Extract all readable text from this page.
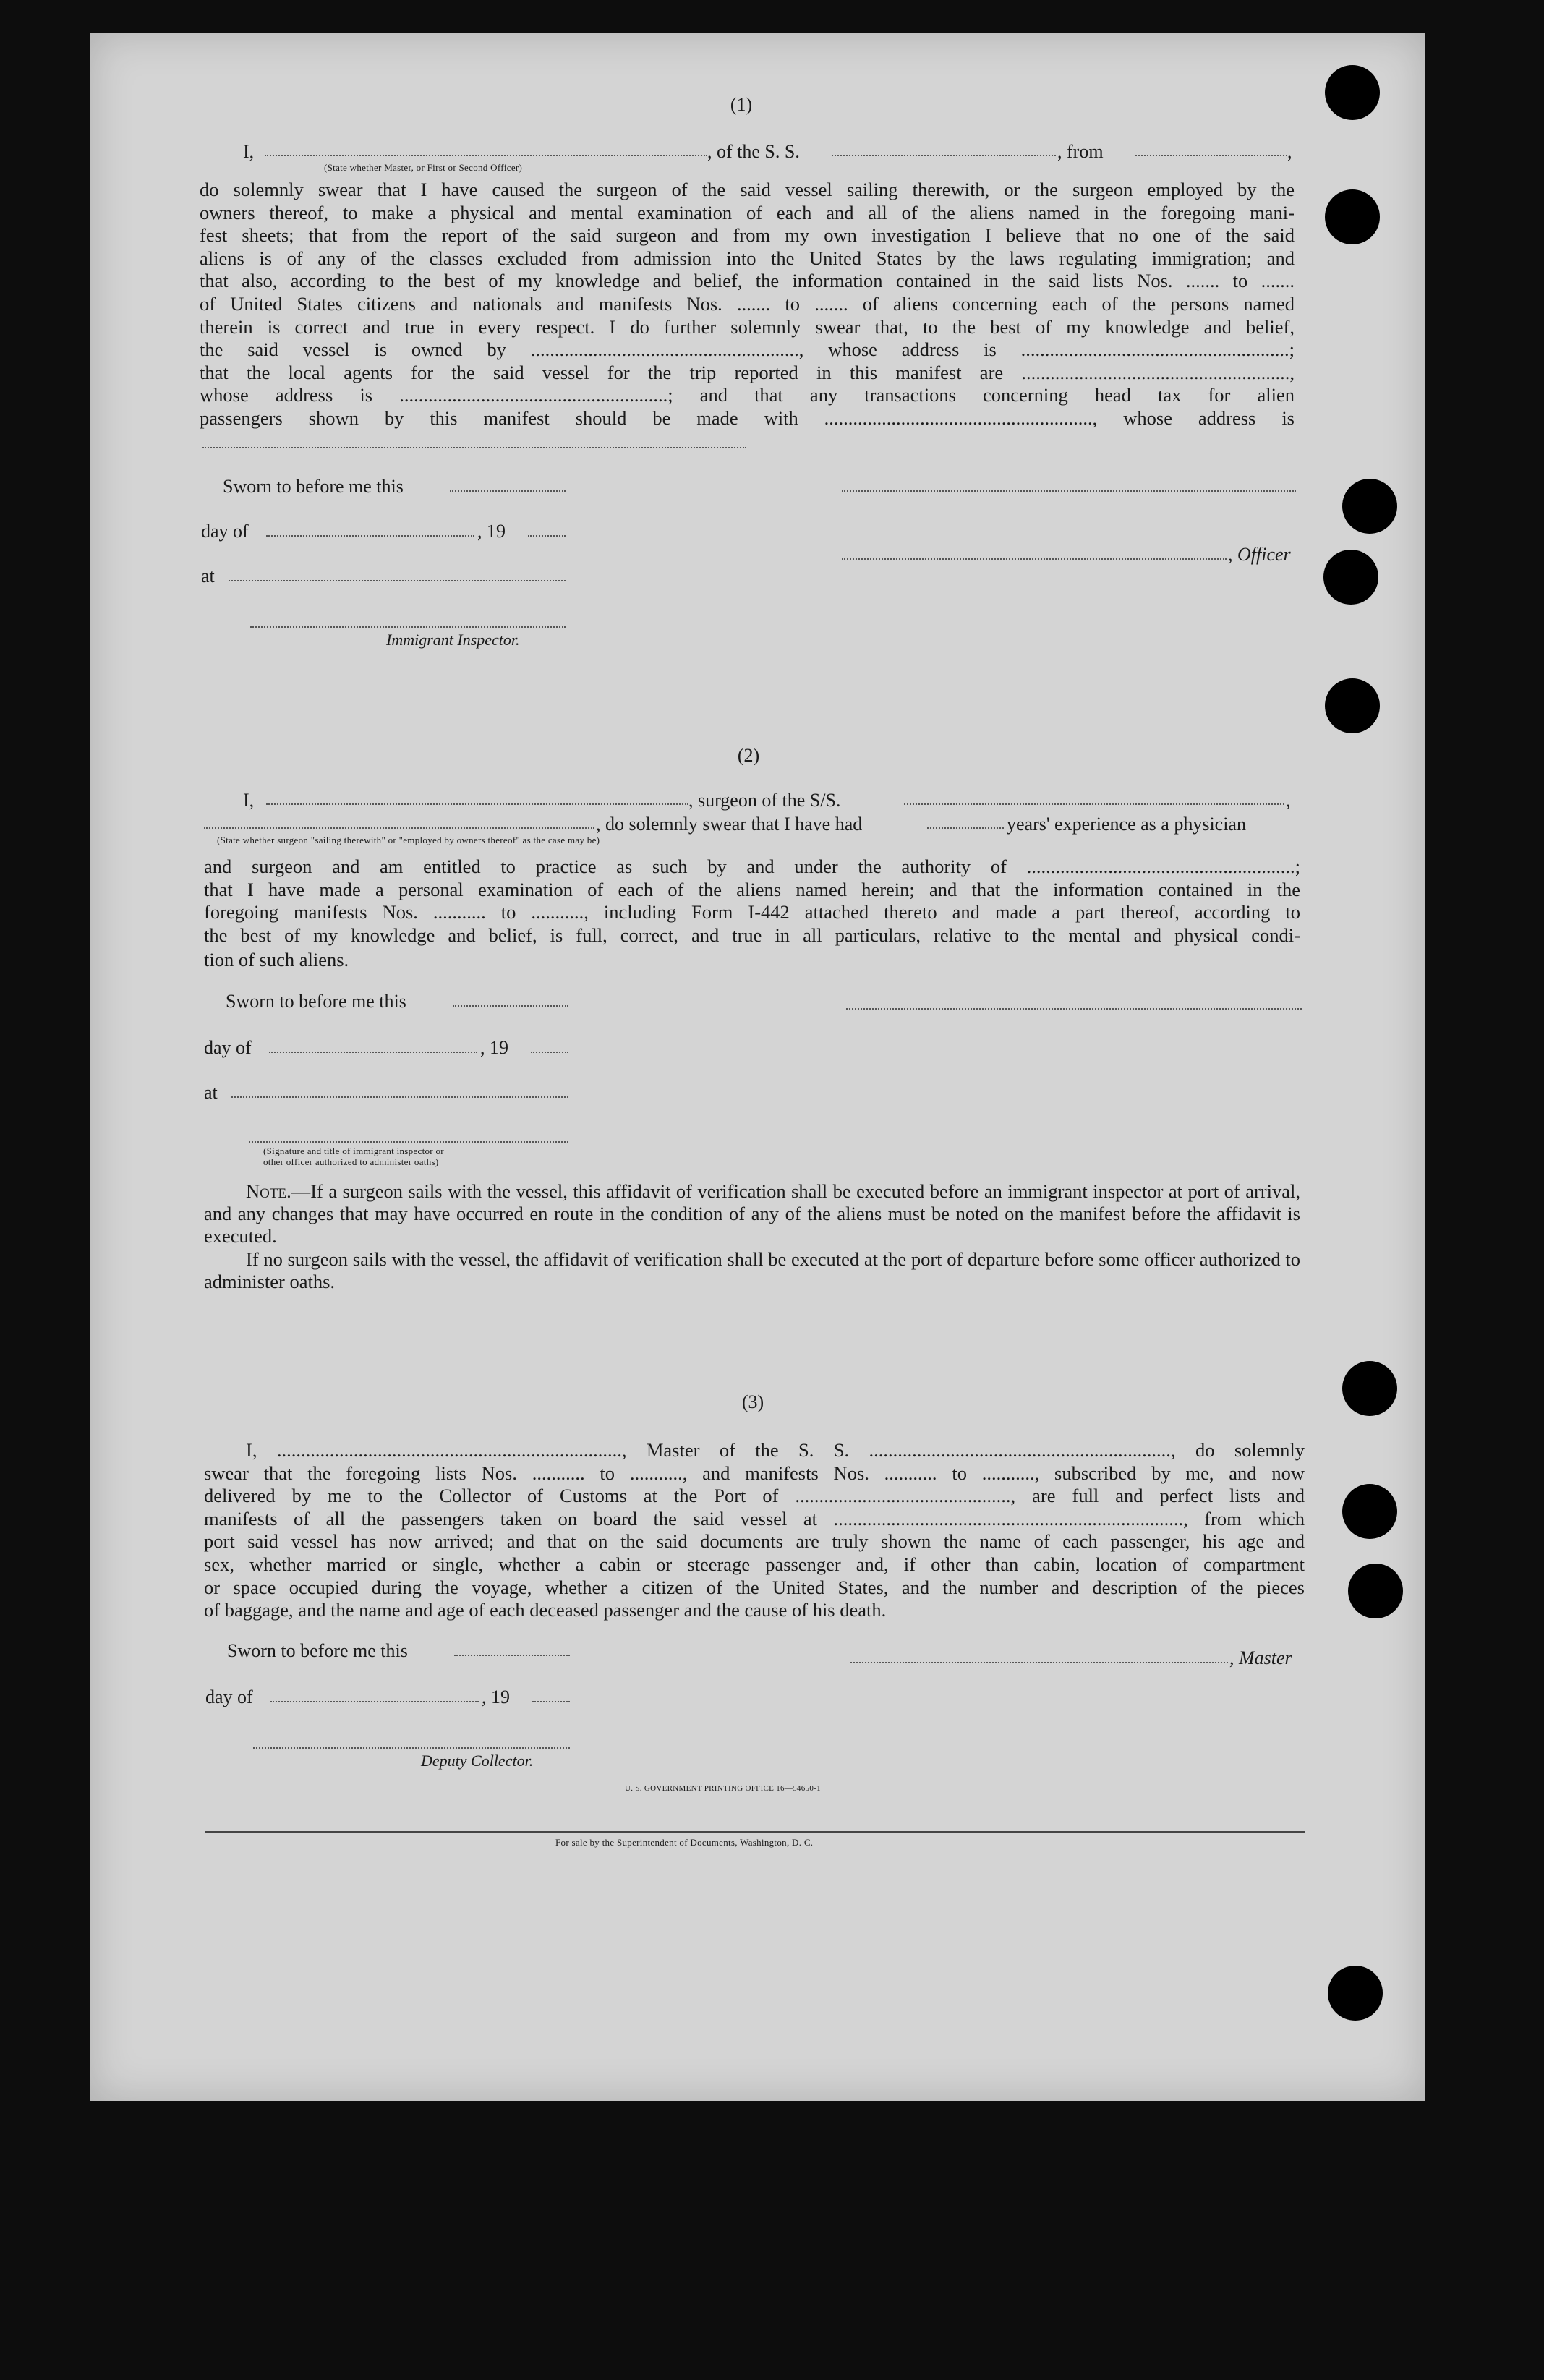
(1)
I,	, of the S. S.	, from	,
(State whether Master, or First or Second Officer)
do solemnly swear that I have caused the surgeon of the said vessel sailing therewith, or the surgeon employed by the
owners thereof, to make a physical and mental examination of each and all of the aliens named in the foregoing mani-
fest sheets; that from the report of the said surgeon and from my own investigation I believe that no one of the said
aliens is of any of the classes excluded from admission into the United States by the laws regulating immigration; and
that also, according to the best of my knowledge and belief, the information contained in the said lists Nos. ....... to .......
of United States citizens and nationals and manifests Nos. ....... to ....... of aliens concerning each of the persons named
therein is correct and true in every respect. I do further solemnly swear that, to the best of my knowledge and belief,
the said vessel is owned by ........................................................, whose address is ........................................................;
that the local agents for the said vessel for the trip reported in this manifest are ........................................................,
whose address is ........................................................; and that any transactions concerning head tax for alien
passengers shown by this manifest should be made with ........................................................, whose address is
Sworn to before me this
day of	, 19
, Officer
at
Immigrant Inspector.
(2)
I,	, surgeon of the S/S.	,
, do solemnly swear that I have had	years' experience as a physician
(State whether surgeon "sailing therewith" or "employed by owners thereof" as the case may be)
and surgeon and am entitled to practice as such by and under the authority of ........................................................;
that I have made a personal examination of each of the aliens named herein; and that the information contained in the
foregoing manifests Nos. ........... to ..........., including Form I-442 attached thereto and made a part thereof, according to
the best of my knowledge and belief, is full, correct, and true in all particulars, relative to the mental and physical condi-
tion of such aliens.
Sworn to before me this
day of	, 19
at
(Signature and title of immigrant inspector or
other officer authorized to administer oaths)
Note.—If a surgeon sails with the vessel, this affidavit of verification shall be executed before an immigrant inspector at port of arrival, and any changes that may have occurred en route in the condition of any of the aliens must be noted on the manifest before the affidavit is executed.
If no surgeon sails with the vessel, the affidavit of verification shall be executed at the port of departure before some officer authorized to administer oaths.
(3)
I, ........................................................................, Master of the S. S. ..............................................................., do solemnly
swear that the foregoing lists Nos. ........... to ..........., and manifests Nos. ........... to ..........., subscribed by me, and now
delivered by me to the Collector of Customs at the Port of ............................................., are full and perfect lists and
manifests of all the passengers taken on board the said vessel at ........................................................................., from which
port said vessel has now arrived; and that on the said documents are truly shown the name of each passenger, his age and
sex, whether married or single, whether a cabin or steerage passenger and, if other than cabin, location of compartment
or space occupied during the voyage, whether a citizen of the United States, and the number and description of the pieces
of baggage, and the name and age of each deceased passenger and the cause of his death.
Sworn to before me this	, Master
day of	, 19
Deputy Collector.
U. S. GOVERNMENT PRINTING OFFICE 16—54650-1
For sale by the Superintendent of Documents, Washington, D. C.
